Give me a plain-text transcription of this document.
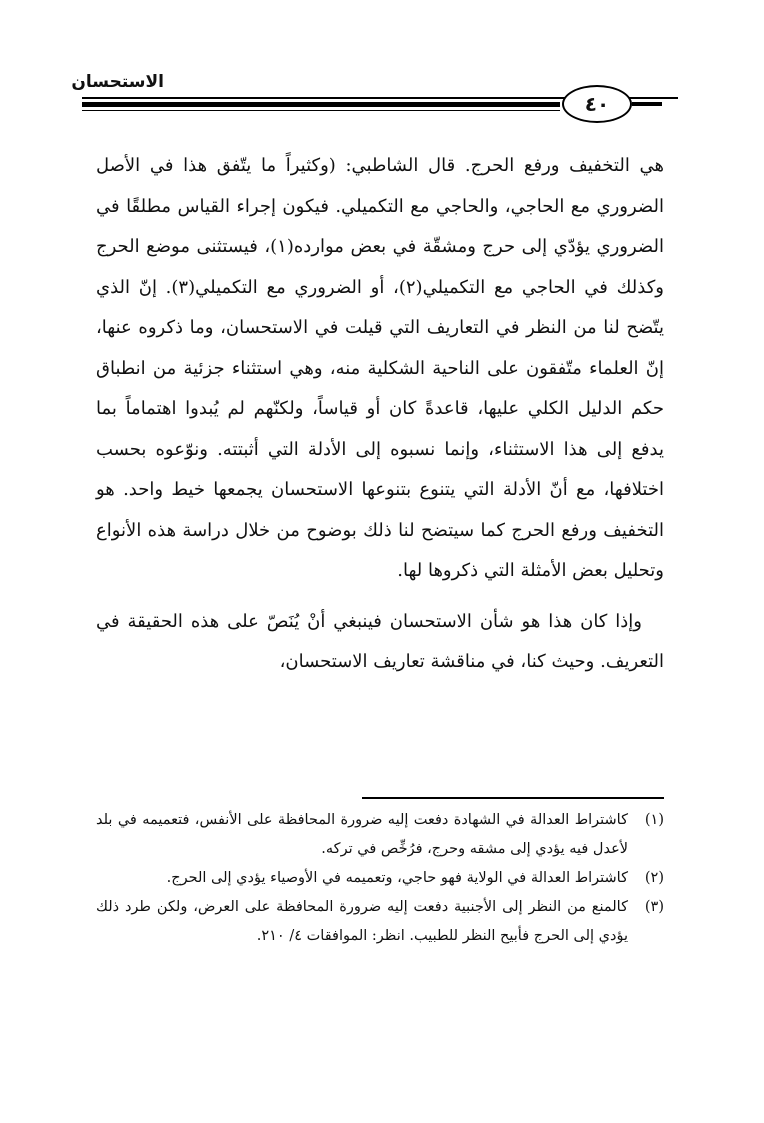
الاستحسان
٤٠

هي التخفيف ورفع الحرج. قال الشاطبي: (وكثيراً ما يتّفق هذا في الأصل الضروري مع الحاجي، والحاجي مع التكميلي. فيكون إجراء القياس مطلقًا في الضروري يؤدّي إلى حرج ومشقّة في بعض موارده(١)، فيستثنى موضع الحرج وكذلك في الحاجي مع التكميلي(٢)، أو الضروري مع التكميلي(٣). إنّ الذي يتّضح لنا من النظر في التعاريف التي قيلت في الاستحسان، وما ذكروه عنها، إنّ العلماء متّفقون على الناحية الشكلية منه، وهي استثناء جزئية من انطباق حكم الدليل الكلي عليها، قاعدةً كان أو قياساً، ولكنّهم لم يُبدوا اهتماماً بما يدفع إلى هذا الاستثناء، وإنما نسبوه إلى الأدلة التي أثبتته. ونوّعوه بحسب اختلافها، مع أنّ الأدلة التي يتنوع بتنوعها الاستحسان يجمعها خيط واحد. هو التخفيف ورفع الحرج كما سيتضح لنا ذلك بوضوح من خلال دراسة هذه الأنواع وتحليل بعض الأمثلة التي ذكروها لها.

وإذا كان هذا هو شأن الاستحسان فينبغي أنْ يُنَصّ على هذه الحقيقة في التعريف. وحيث كنا، في مناقشة تعاريف الاستحسان،

(١)
كاشتراط العدالة في الشهادة دفعت إليه ضرورة المحافظة على الأنفس، فتعميمه في بلد لأعدل فيه يؤدي إلى مشقه وحرج، فرُخِّص في تركه.
(٢)
كاشتراط العدالة في الولاية فهو حاجي، وتعميمه في الأوصياء يؤدي إلى الحرج.
(٣)
كالمنع من النظر إلى الأجنبية دفعت إليه ضرورة المحافظة على العرض، ولكن طرد ذلك يؤدي إلى الحرج فأبيح النظر للطبيب. انظر: الموافقات ٤/ ٢١٠.
